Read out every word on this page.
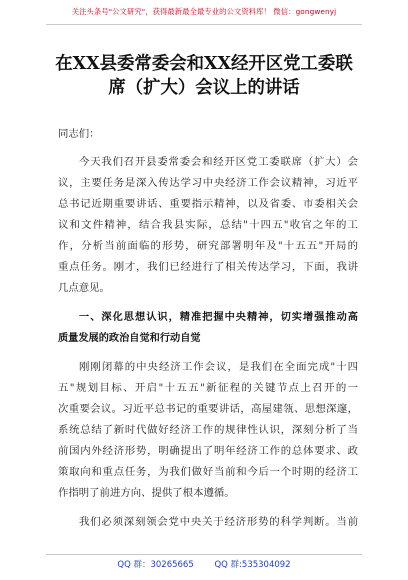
关注头条号"公文研究"，获得最新最全最专业的公文资料库！ 微信：gongwenyj
在XX县委常委会和XX经开区党工委联
席（扩大）会议上的讲话
同志们：
今天我们召开县委常委会和经开区党工委联席（扩大）会
议，主要任务是深入传达学习中央经济工作会议精神，习近平
总书记近期重要讲话、重要指示精神，以及省委、市委相关会
议和文件精神，结合我县实际，总结"十四五"收官之年的工
作，分析当前面临的形势，研究部署明年及"十五五"开局的
重点任务。刚才，我们已经进行了相关传达学习，下面，我讲
几点意见。
一、深化思想认识，精准把握中央精神，切实增强推动高
质量发展的政治自觉和行动自觉
刚刚闭幕的中央经济工作会议，是我们在全面完成"十四
五"规划目标、开启"十五五"新征程的关键节点上召开的一
次重要会议。习近平总书记的重要讲话，高屋建瓴、思想深邃，
系统总结了新时代做好经济工作的规律性认识，深刻分析了当
前国内外经济形势，明确提出了明年经济工作的总体要求、政
策取向和重点任务，为我们做好当前和今后一个时期的经济工
作指明了前进方向、提供了根本遵循。
我们必须深刻领会党中央关于经济形势的科学判断。当前
QQ 群：30265665 QQ 群:535304092
